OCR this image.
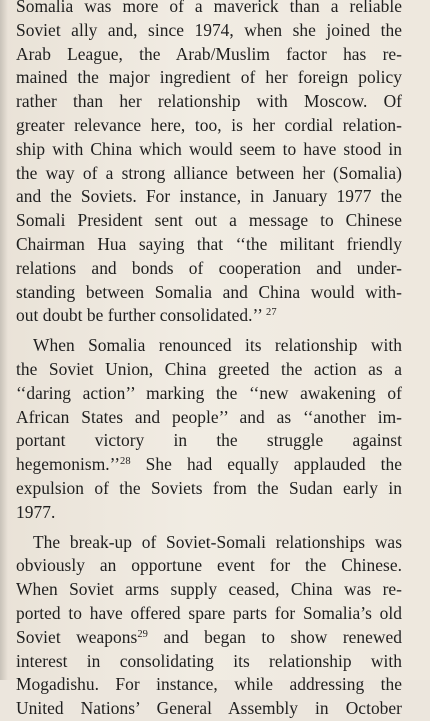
Somalia was more of a maverick than a reliable
Soviet ally and, since 1974, when she joined the
Arab League, the Arab/Muslim factor has re-
mained the major ingredient of her foreign policy
rather than her relationship with Moscow. Of
greater relevance here, too, is her cordial relation-
ship with China which would seem to have stood in
the way of a strong alliance between her (Somalia)
and the Soviets. For instance, in January 1977 the
Somali President sent out a message to Chinese
Chairman Hua saying that ‘‘the militant friendly
relations and bonds of cooperation and under-
standing between Somalia and China would with-
out doubt be further consolidated.’’ $^{27}$
When Somalia renounced its relationship with
the Soviet Union, China greeted the action as a
‘‘daring action’’ marking the ‘‘new awakening of
African States and people’’ and as ‘‘another im-
portant victory in the struggle against
hegemonism.’’$^{28}$ She had equally applauded the
expulsion of the Soviets from the Sudan early in
1977.
The break-up of Soviet-Somali relationships was
obviously an opportune event for the Chinese.
When Soviet arms supply ceased, China was re-
ported to have offered spare parts for Somalia’s old
Soviet weapons$^{29}$ and began to show renewed
interest in consolidating its relationship with
Mogadishu. For instance, while addressing the
United Nations’ General Assembly in October
